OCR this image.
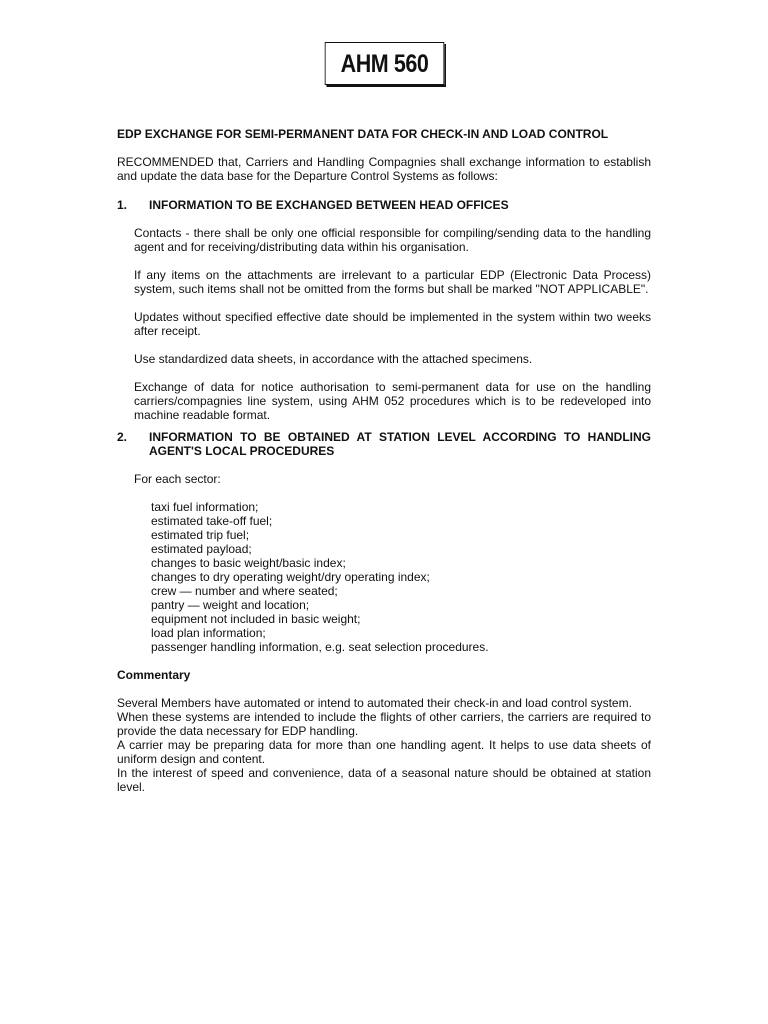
AHM 560

EDP EXCHANGE FOR SEMI-PERMANENT DATA FOR CHECK-IN AND LOAD CONTROL

RECOMMENDED that, Carriers and Handling Compagnies shall exchange information to establish and update the data base for the Departure Control Systems as follows:

1.	INFORMATION TO BE EXCHANGED BETWEEN HEAD OFFICES

Contacts - there shall be only one official responsible for compiling/sending data to the handling agent and for receiving/distributing data within his organisation.

If any items on the attachments are irrelevant to a particular EDP (Electronic Data Process) system, such items shall not be omitted from the forms but shall be marked "NOT APPLICABLE".

Updates without specified effective date should be implemented in the system within two weeks after receipt.

Use standardized data sheets, in accordance with the attached specimens.

Exchange of data for notice authorisation to semi-permanent data for use on the handling carriers/compagnies line system, using AHM 052 procedures which is to be redeveloped into machine readable format.

2.	INFORMATION TO BE OBTAINED AT STATION LEVEL ACCORDING TO HANDLING AGENT'S LOCAL PROCEDURES

For each sector:

taxi fuel information;
estimated take-off fuel;
estimated trip fuel;
estimated payload;
changes to basic weight/basic index;
changes to dry operating weight/dry operating index;
crew — number and where seated;
pantry — weight and location;
equipment not included in basic weight;
load plan information;
passenger handling information, e.g. seat selection procedures.

Commentary

Several Members have automated or intend to automated their check-in and load control system.

When these systems are intended to include the flights of other carriers, the carriers are required to provide the data necessary for EDP handling.

A carrier may be preparing data for more than one handling agent. It helps to use data sheets of uniform design and content.

In the interest of speed and convenience, data of a seasonal nature should be obtained at station level.
